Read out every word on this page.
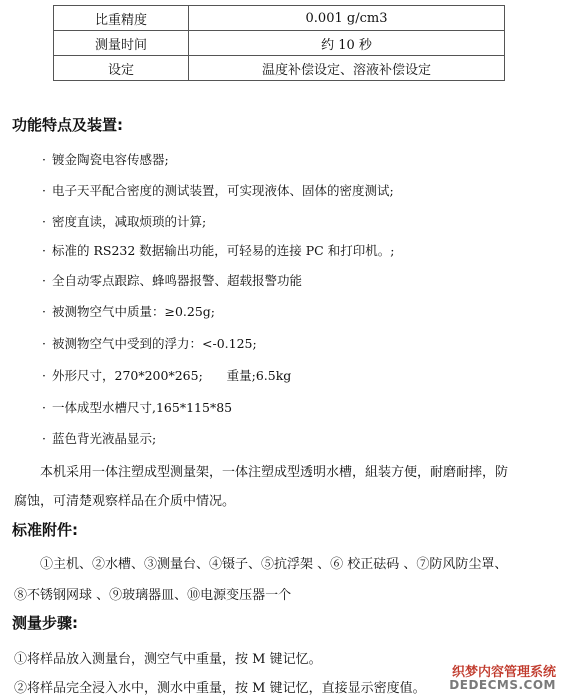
比重精度	0.001 g/cm3
测量时间	约 10 秒
设定	温度补偿设定、溶液补偿设定
功能特点及装置:
· 镀金陶瓷电容传感器;
· 电子天平配合密度的测试装置，可实现液体、固体的密度测试;
· 密度直读，减取烦琐的计算;
· 标准的 RS232 数据输出功能，可轻易的连接 PC 和打印机。;
· 全自动零点跟踪、蜂鸣器报警、超载报警功能
· 被测物空气中质量：≥0.25g;
· 被测物空气中受到的浮力：<-0.125;
· 外形尺寸，270*200*265;      重量;6.5kg
· 一体成型水槽尺寸,165*115*85
· 蓝色背光液晶显示;
本机采用一体注塑成型测量架，一体注塑成型透明水槽，組装方便，耐磨耐摔，防
腐蚀，可清楚观察样品在介质中情况。
标准附件:
①主机、②水槽、③测量台、④镊子、⑤抗浮架 、⑥ 校正砝码 、⑦防风防尘罩、
⑧不锈钢网球 、⑨玻璃器皿、⑩电源变压器一个
测量步骤:
①将样品放入测量台，测空气中重量，按 M 键记忆。
②将样品完全浸入水中，测水中重量，按 M 键记忆，直接显示密度值。
织梦内容管理系统
DEDECMS.COM
